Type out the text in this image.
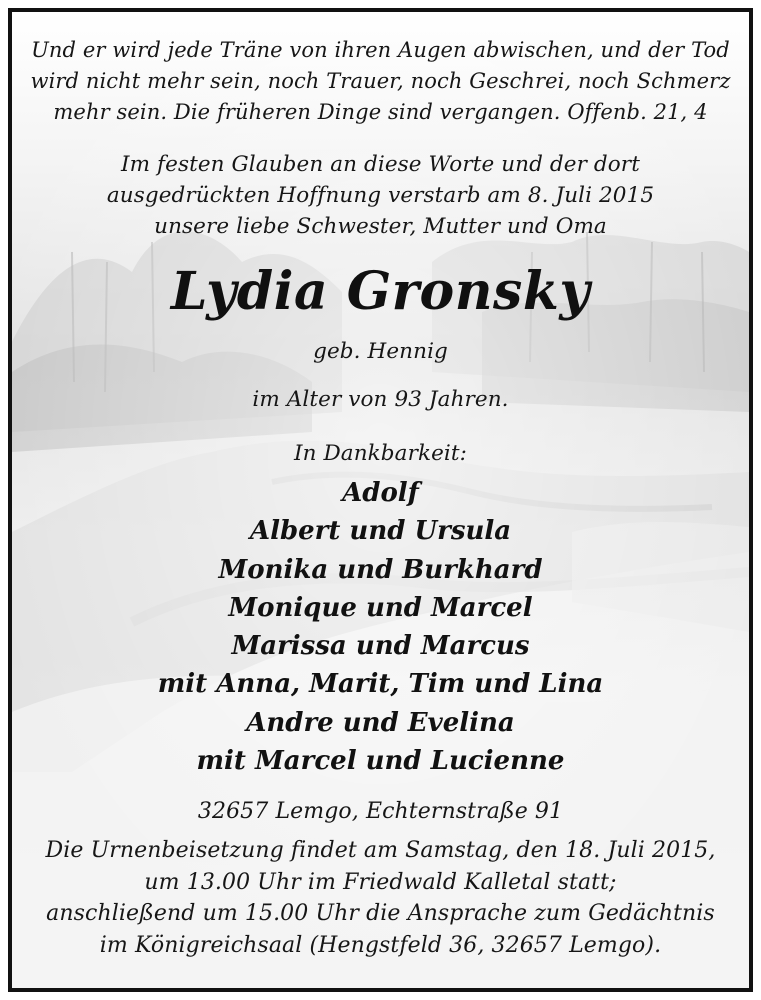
Und er wird jede Träne von ihren Augen abwischen, und der Tod
wird nicht mehr sein, noch Trauer, noch Geschrei, noch Schmerz
mehr sein. Die früheren Dinge sind vergangen. Offenb. 21, 4
Im festen Glauben an diese Worte und der dort
ausgedrückten Hoffnung verstarb am 8. Juli 2015
unsere liebe Schwester, Mutter und Oma
Lydia Gronsky
geb. Hennig
im Alter von 93 Jahren.
In Dankbarkeit:
Adolf
Albert und Ursula
Monika und Burkhard
Monique und Marcel
Marissa und Marcus
mit Anna, Marit, Tim und Lina
Andre und Evelina
mit Marcel und Lucienne
32657 Lemgo, Echternstraße 91
Die Urnenbeisetzung findet am Samstag, den 18. Juli 2015,
um 13.00 Uhr im Friedwald Kalletal statt;
anschließend um 15.00 Uhr die Ansprache zum Gedächtnis
im Königreichsaal (Hengstfeld 36, 32657 Lemgo).
